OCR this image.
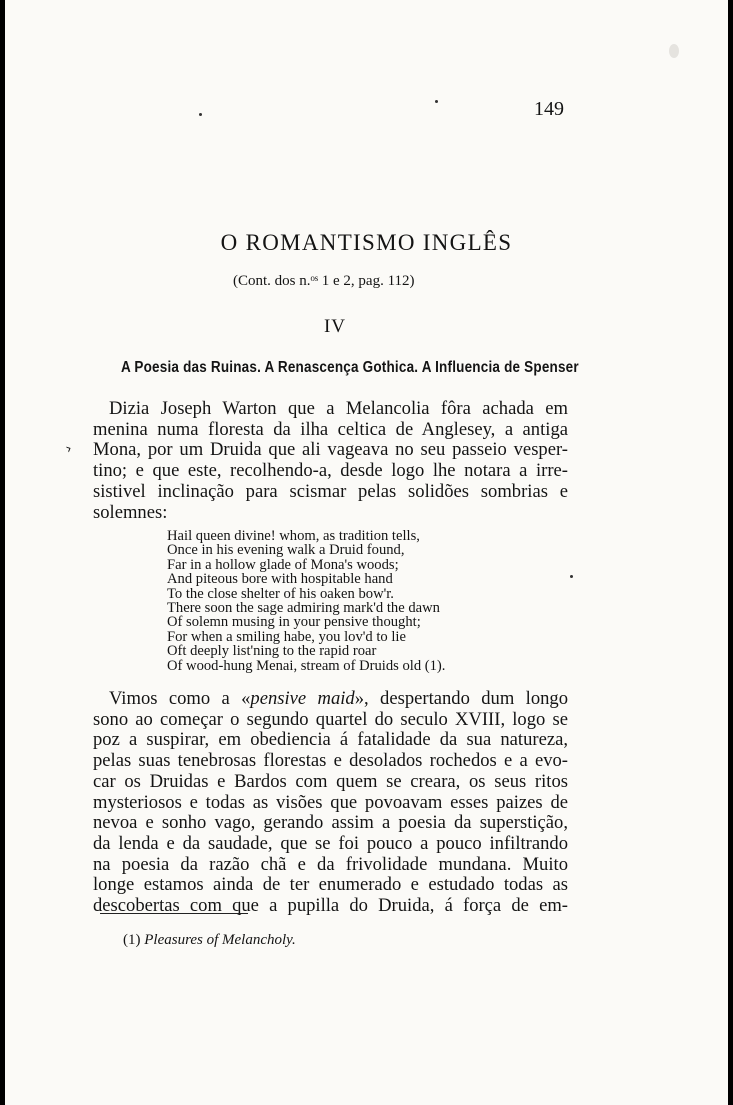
149
O ROMANTISMO INGLÊS
(Cont. dos n.ᵒˢ 1 e 2, pag. 112)
IV
A Poesia das Ruinas. A Renascença Gothica. A Influencia de Spenser
›

Dizia Joseph Warton que a Melancolia fôra achada em
menina numa floresta da ilha celtica de Anglesey, a antiga
Mona, por um Druida que ali vageava no seu passeio vesper-
tino; e que este, recolhendo-a, desde logo lhe notara a irre-
sistivel inclinação para scismar pelas solidões sombrias e
solemnes:

Hail queen divine! whom, as tradition tells,
Once in his evening walk a Druid found,
Far in a hollow glade of Mona's woods;
And piteous bore with hospitable hand
To the close shelter of his oaken bow'r.
There soon the sage admiring mark'd the dawn
Of solemn musing in your pensive thought;
For when a smiling habe, you lov'd to lie
Oft deeply list'ning to the rapid roar
Of wood-hung Menai, stream of Druids old (1).

Vimos como a «pensive maid», despertando dum longo
sono ao começar o segundo quartel do seculo XVIII, logo se
poz a suspirar, em obediencia á fatalidade da sua natureza,
pelas suas tenebrosas florestas e desolados rochedos e a evo-
car os Druidas e Bardos com quem se creara, os seus ritos
mysteriosos e todas as visões que povoavam esses paizes de
nevoa e sonho vago, gerando assim a poesia da superstição,
da lenda e da saudade, que se foi pouco a pouco infiltrando
na poesia da razão chã e da frivolidade mundana. Muito
longe estamos ainda de ter enumerado e estudado todas as
descobertas com que a pupilla do Druida, á força de em-

(1) Pleasures of Melancholy.
